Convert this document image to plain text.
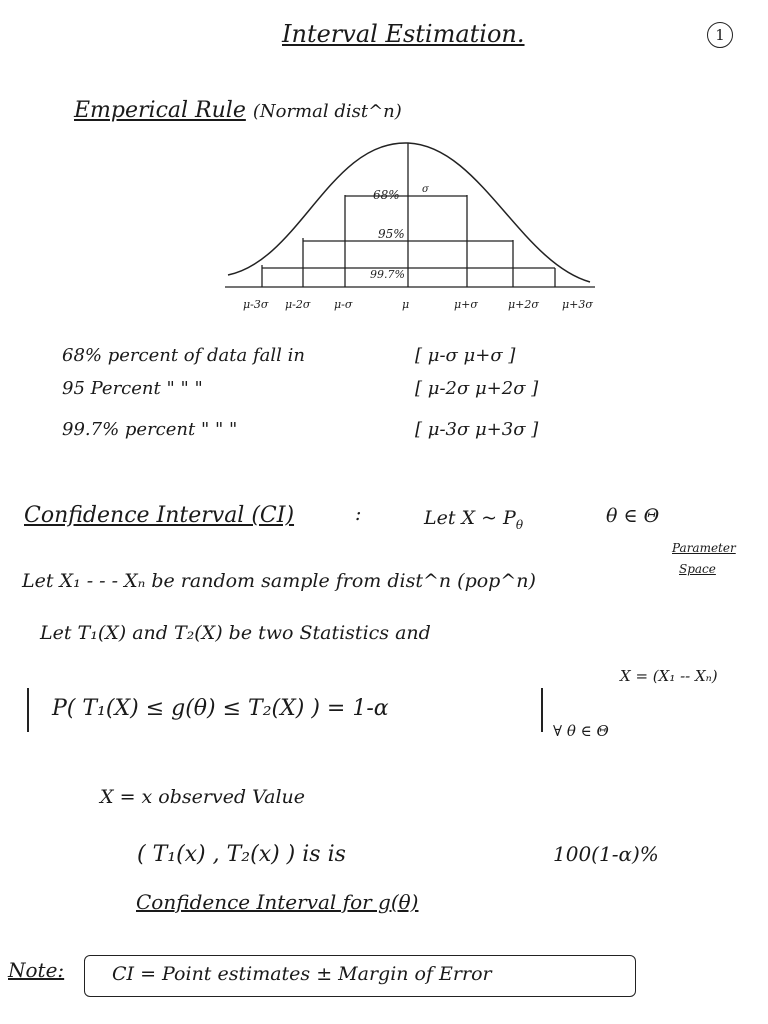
Interval Estimation.	1
Emperical Rule (Normal dist^n)
68% σ
95%
99.7%
μ-3σ μ-2σ μ-σ	μ	μ+σ	μ+2σ μ+3σ
68% percent of data fall in	[ μ-σ μ+σ ]
95 Percent " " "	[ μ-2σ μ+2σ ]
99.7% percent " " "	[ μ-3σ μ+3σ ]
Confidence Interval (CI)	:	Let X ~ $P_\theta$	θ ∈ Θ
Parameter
Space
Let X₁ - - - Xₙ be random sample from dist^n (pop^n)
Let T₁(X) and T₂(X) be two Statistics and
X = (X₁ -- Xₙ)
P( T₁(X) ≤ g(θ) ≤ T₂(X) ) = 1-α
∀ θ ∈ Θ
X = x observed Value
( T₁(x) , T₂(x) ) is is	100(1-α)%
Confidence Interval for g(θ)
Note:	CI = Point estimates ± Margin of Error
